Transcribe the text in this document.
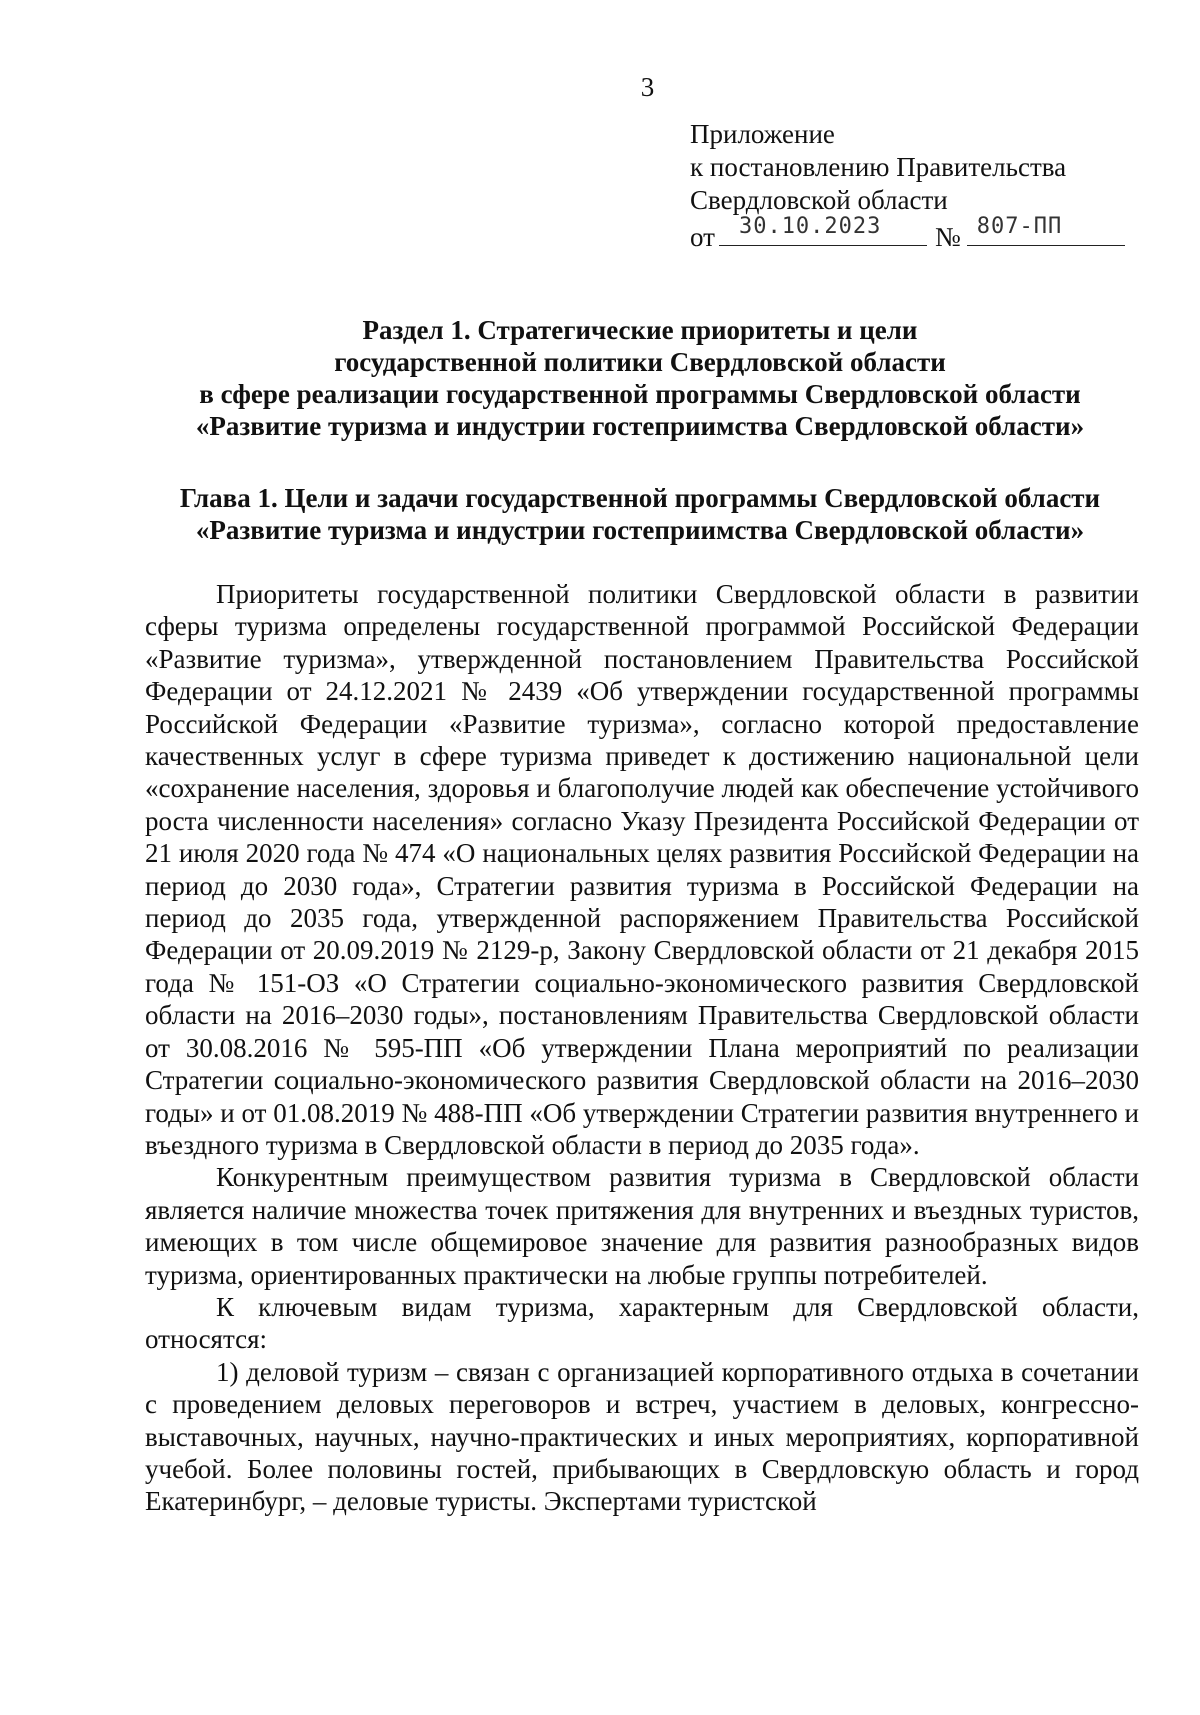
3
Приложение
к постановлению Правительства
Свердловской области
от 30.10.2023 № 807-ПП
Раздел 1. Стратегические приоритеты и цели
государственной политики Свердловской области
в сфере реализации государственной программы Свердловской области
«Развитие туризма и индустрии гостеприимства Свердловской области»
Глава 1. Цели и задачи государственной программы Свердловской области
«Развитие туризма и индустрии гостеприимства Свердловской области»

Приоритеты государственной политики Свердловской области в развитии сферы туризма определены государственной программой Российской Федерации «Развитие туризма», утвержденной постановлением Правительства Российской Федерации от 24.12.2021 № 2439 «Об утверждении государственной программы Российской Федерации «Развитие туризма», согласно которой предоставление качественных услуг в сфере туризма приведет к достижению национальной цели «сохранение населения, здоровья и благополучие людей как обеспечение устойчивого роста численности населения» согласно Указу Президента Российской Федерации от 21 июля 2020 года № 474 «О национальных целях развития Российской Федерации на период до 2030 года», Стратегии развития туризма в Российской Федерации на период до 2035 года, утвержденной распоряжением Правительства Российской Федерации от 20.09.2019 № 2129-р, Закону Свердловской области от 21 декабря 2015 года № 151-ОЗ «О Стратегии социально-экономического развития Свердловской области на 2016–2030 годы», постановлениям Правительства Свердловской области от 30.08.2016 № 595-ПП «Об утверждении Плана мероприятий по реализации Стратегии социально-экономического развития Свердловской области на 2016–2030 годы» и от 01.08.2019 № 488-ПП «Об утверждении Стратегии развития внутреннего и въездного туризма в Свердловской области в период до 2035 года».

Конкурентным преимуществом развития туризма в Свердловской области является наличие множества точек притяжения для внутренних и въездных туристов, имеющих в том числе общемировое значение для развития разнообразных видов туризма, ориентированных практически на любые группы потребителей.

К ключевым видам туризма, характерным для Свердловской области, относятся:

1) деловой туризм – связан с организацией корпоративного отдыха в сочетании с проведением деловых переговоров и встреч, участием в деловых, конгрессно-выставочных, научных, научно-практических и иных мероприятиях, корпоративной учебой. Более половины гостей, прибывающих в Свердловскую область и город Екатеринбург, – деловые туристы. Экспертами туристской
